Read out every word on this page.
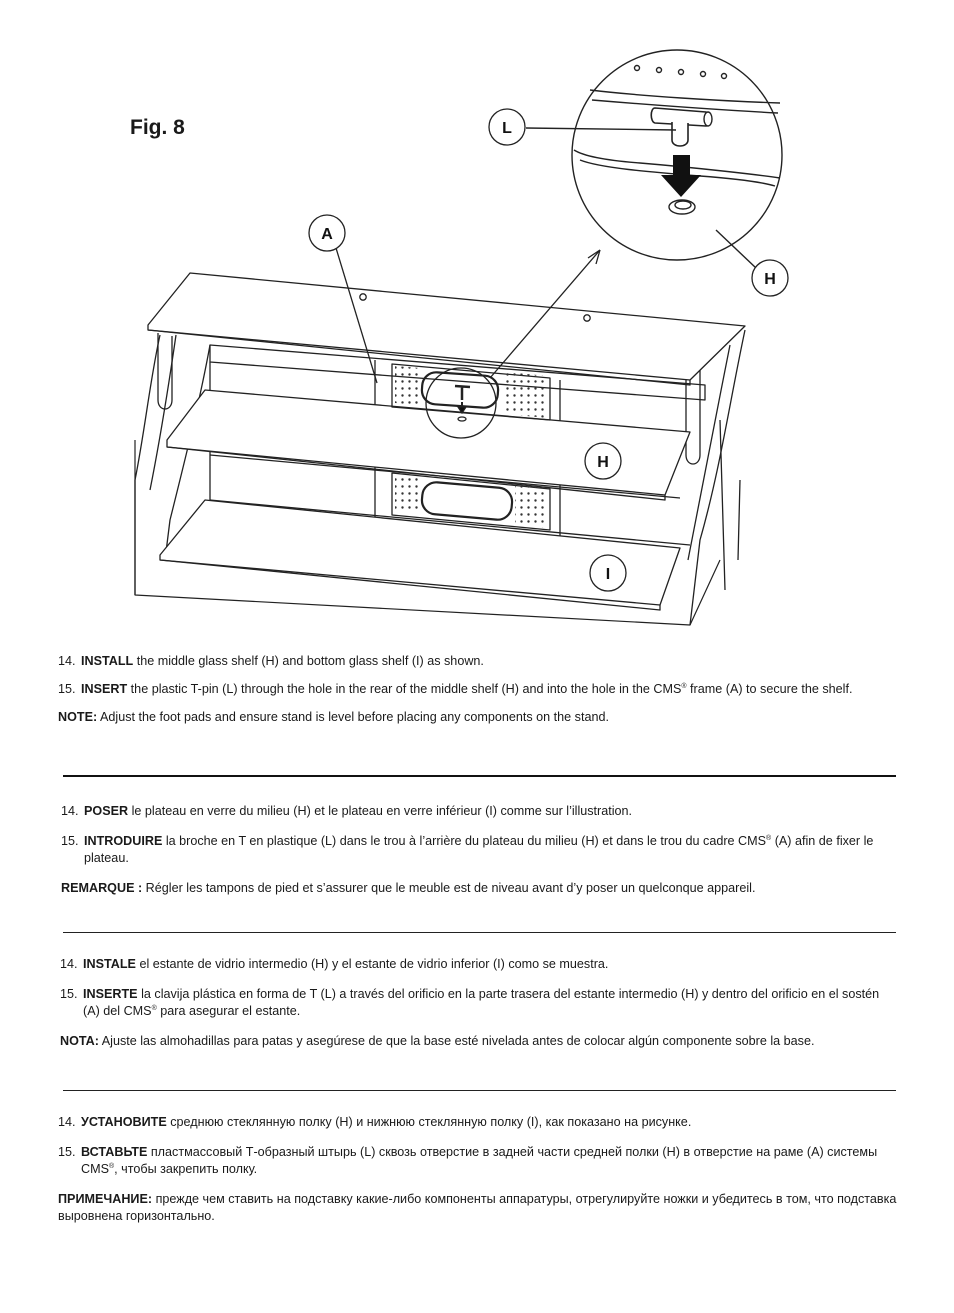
Fig. 8	L
A
H
H
I

14. INSTALL the middle glass shelf (H) and bottom glass shelf (I) as shown.

15. INSERT the plastic T-pin (L) through the hole in the rear of the middle shelf (H) and into the hole in the CMS® frame (A) to secure the shelf.

NOTE: Adjust the foot pads and ensure stand is level before placing any components on the stand.

14. POSER le plateau en verre du milieu (H) et le plateau en verre inférieur (I) comme sur l’illustration.

15. INTRODUIRE la broche en T en plastique (L) dans le trou à l’arrière du plateau du milieu (H) et dans le trou du cadre CMS® (A) afin de fixer le plateau.

REMARQUE : Régler les tampons de pied et s’assurer que le meuble est de niveau avant d’y poser un quelconque appareil.

14. INSTALE el estante de vidrio intermedio (H) y el estante de vidrio inferior (I) como se muestra.

15. INSERTE la clavija plástica en forma de T (L) a través del orificio en la parte trasera del estante intermedio (H) y dentro del orificio en el sostén (A) del CMS® para asegurar el estante.

NOTA: Ajuste las almohadillas para patas y asegúrese de que la base esté nivelada antes de colocar algún componente sobre la base.

14. УСТАНОВИТЕ среднюю стеклянную полку (H) и нижнюю стеклянную полку (I), как показано на рисунке.

15. ВСТАВЬТЕ пластмассовый Т-образный штырь (L) сквозь отверстие в задней части средней полки (H) в отверстие на раме (A) системы CMS®, чтобы закрепить полку.

ПРИМЕЧАНИЕ: прежде чем ставить на подставку какие-либо компоненты аппаратуры, отрегулируйте ножки и убедитесь в том, что подставка выровнена горизонтально.
